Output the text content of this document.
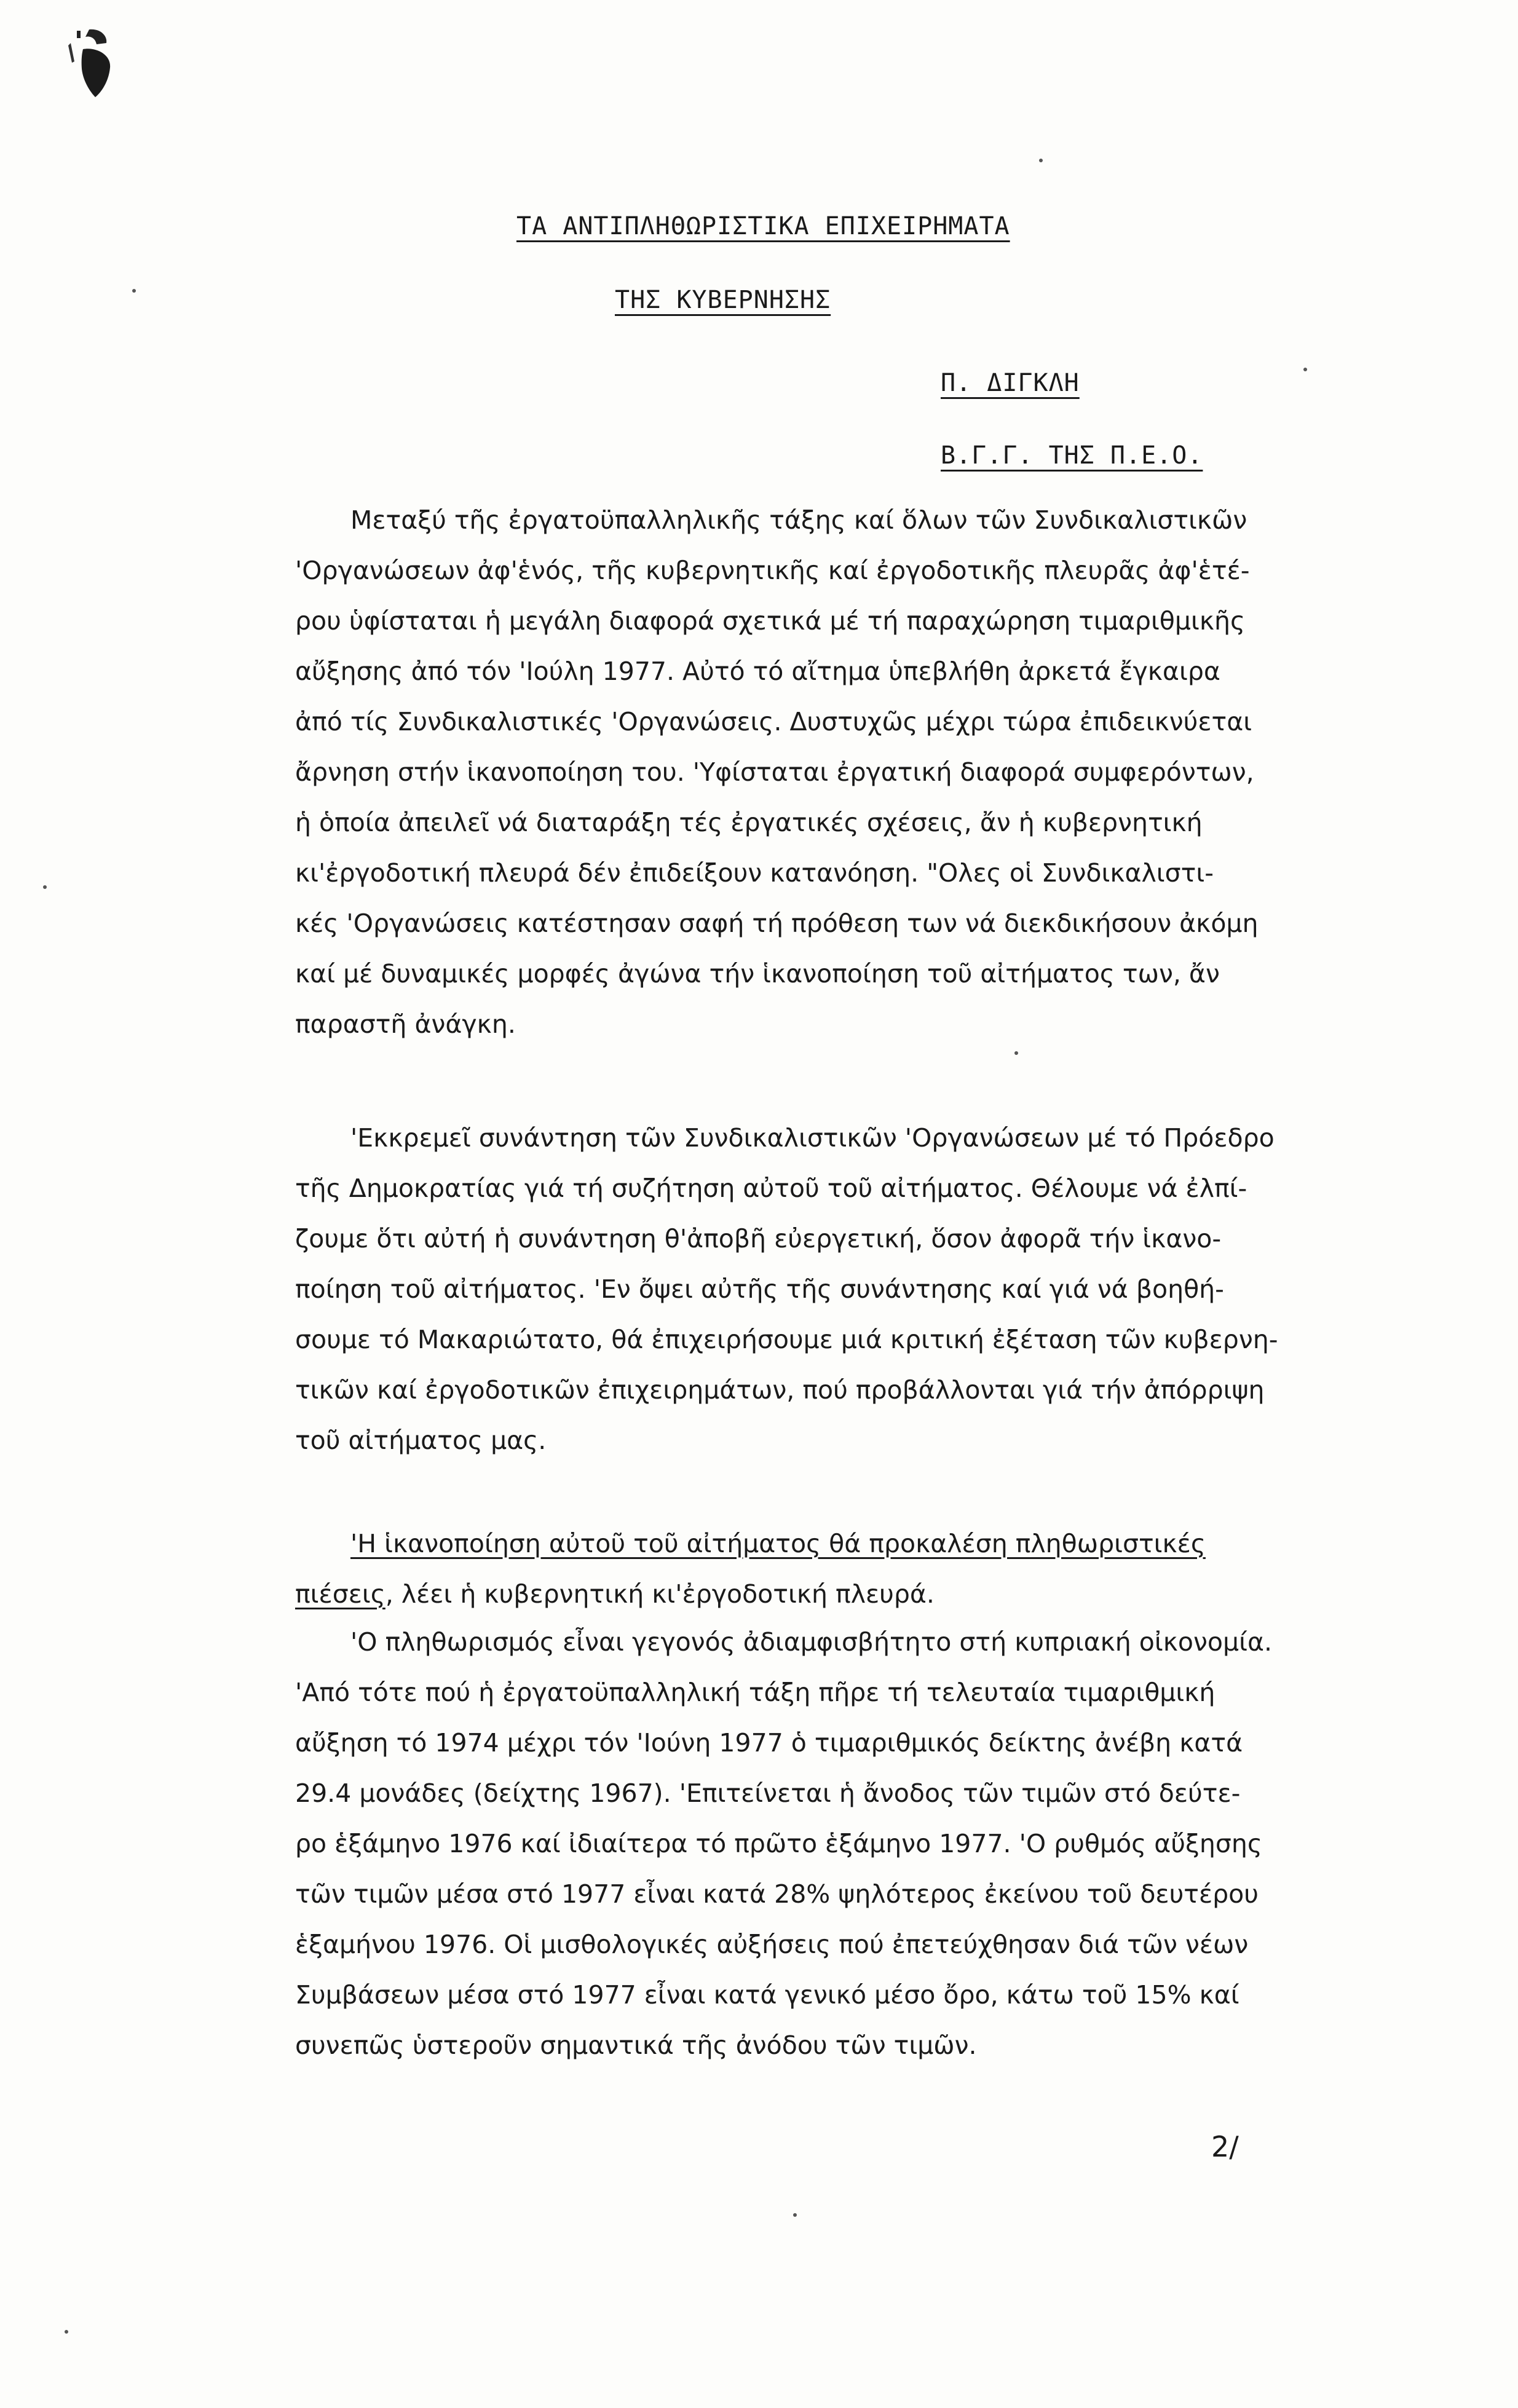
ΤΑ ΑΝΤΙΠΛΗΘΩΡΙΣΤΙΚΑ ΕΠΙΧΕΙΡΗΜΑΤΑ
ΤΗΣ ΚΥΒΕΡΝΗΣΗΣ
Π. ΔΙΓΚΛΗ
Β.Γ.Γ. ΤΗΣ Π.Ε.Ο.
Μεταξύ τῆς ἐργατοϋπαλληλικῆς τάξης καί ὅλων τῶν Συνδικαλιστικῶν
'Οργανώσεων ἀφ'ἑνός, τῆς κυβερνητικῆς καί ἐργοδοτικῆς πλευρᾶς ἀφ'ἑτέ-
ρου ὑφίσταται ἡ μεγάλη διαφορά σχετικά μέ τή παραχώρηση τιμαριθμικῆς
αὔξησης ἀπό τόν 'Ιούλη 1977. Αὐτό τό αἴτημα ὑπεβλήθη ἀρκετά ἔγκαιρα
ἀπό τίς Συνδικαλιστικές 'Οργανώσεις. Δυστυχῶς μέχρι τώρα ἐπιδεικνύεται
ἄρνηση στήν ἱκανοποίηση του. 'Υφίσταται ἐργατική διαφορά συμφερόντων,
ἡ ὁποία ἀπειλεῖ νά διαταράξη τές ἐργατικές σχέσεις, ἄν ἡ κυβερνητική
κι'ἐργοδοτική πλευρά δέν ἐπιδείξουν κατανόηση. "Ολες οἱ Συνδικαλιστι-
κές 'Οργανώσεις κατέστησαν σαφή τή πρόθεση των νά διεκδικήσουν ἀκόμη
καί μέ δυναμικές μορφές ἀγώνα τήν ἱκανοποίηση τοῦ αἰτήματος των, ἄν
παραστῆ ἀνάγκη.
'Εκκρεμεῖ συνάντηση τῶν Συνδικαλιστικῶν 'Οργανώσεων μέ τό Πρόεδρο
τῆς Δημοκρατίας γιά τή συζήτηση αὐτοῦ τοῦ αἰτήματος. Θέλουμε νά ἐλπί-
ζουμε ὅτι αὐτή ἡ συνάντηση θ'ἀποβῆ εὐεργετική, ὅσον ἀφορᾶ τήν ἱκανο-
ποίηση τοῦ αἰτήματος. 'Εν ὄψει αὐτῆς τῆς συνάντησης καί γιά νά βοηθή-
σουμε τό Μακαριώτατο, θά ἐπιχειρήσουμε μιά κριτική ἐξέταση τῶν κυβερνη-
τικῶν καί ἐργοδοτικῶν ἐπιχειρημάτων, πού προβάλλονται γιά τήν ἀπόρριψη
τοῦ αἰτήματος μας.
'Η ἱκανοποίηση αὐτοῦ τοῦ αἰτήματος θά προκαλέση πληθωριστικές
πιέσεις, λέει ἡ κυβερνητική κι'ἐργοδοτική πλευρά.
'Ο πληθωρισμός εἶναι γεγονός ἀδιαμφισβήτητο στή κυπριακή οἰκονομία.
'Από τότε πού ἡ ἐργατοϋπαλληλική τάξη πῆρε τή τελευταία τιμαριθμική
αὔξηση τό 1974 μέχρι τόν 'Ιούνη 1977 ὁ τιμαριθμικός δείκτης ἀνέβη κατά
29.4 μονάδες (δείχτης 1967). 'Επιτείνεται ἡ ἄνοδος τῶν τιμῶν στό δεύτε-
ρο ἑξάμηνο 1976 καί ἰδιαίτερα τό πρῶτο ἑξάμηνο 1977. 'Ο ρυθμός αὔξησης
τῶν τιμῶν μέσα στό 1977 εἶναι κατά 28% ψηλότερος ἐκείνου τοῦ δευτέρου
ἑξαμήνου 1976. Οἱ μισθολογικές αὐξήσεις πού ἐπετεύχθησαν διά τῶν νέων
Συμβάσεων μέσα στό 1977 εἶναι κατά γενικό μέσο ὄρο, κάτω τοῦ 15% καί
συνεπῶς ὑστεροῦν σημαντικά τῆς ἀνόδου τῶν τιμῶν.
2/
